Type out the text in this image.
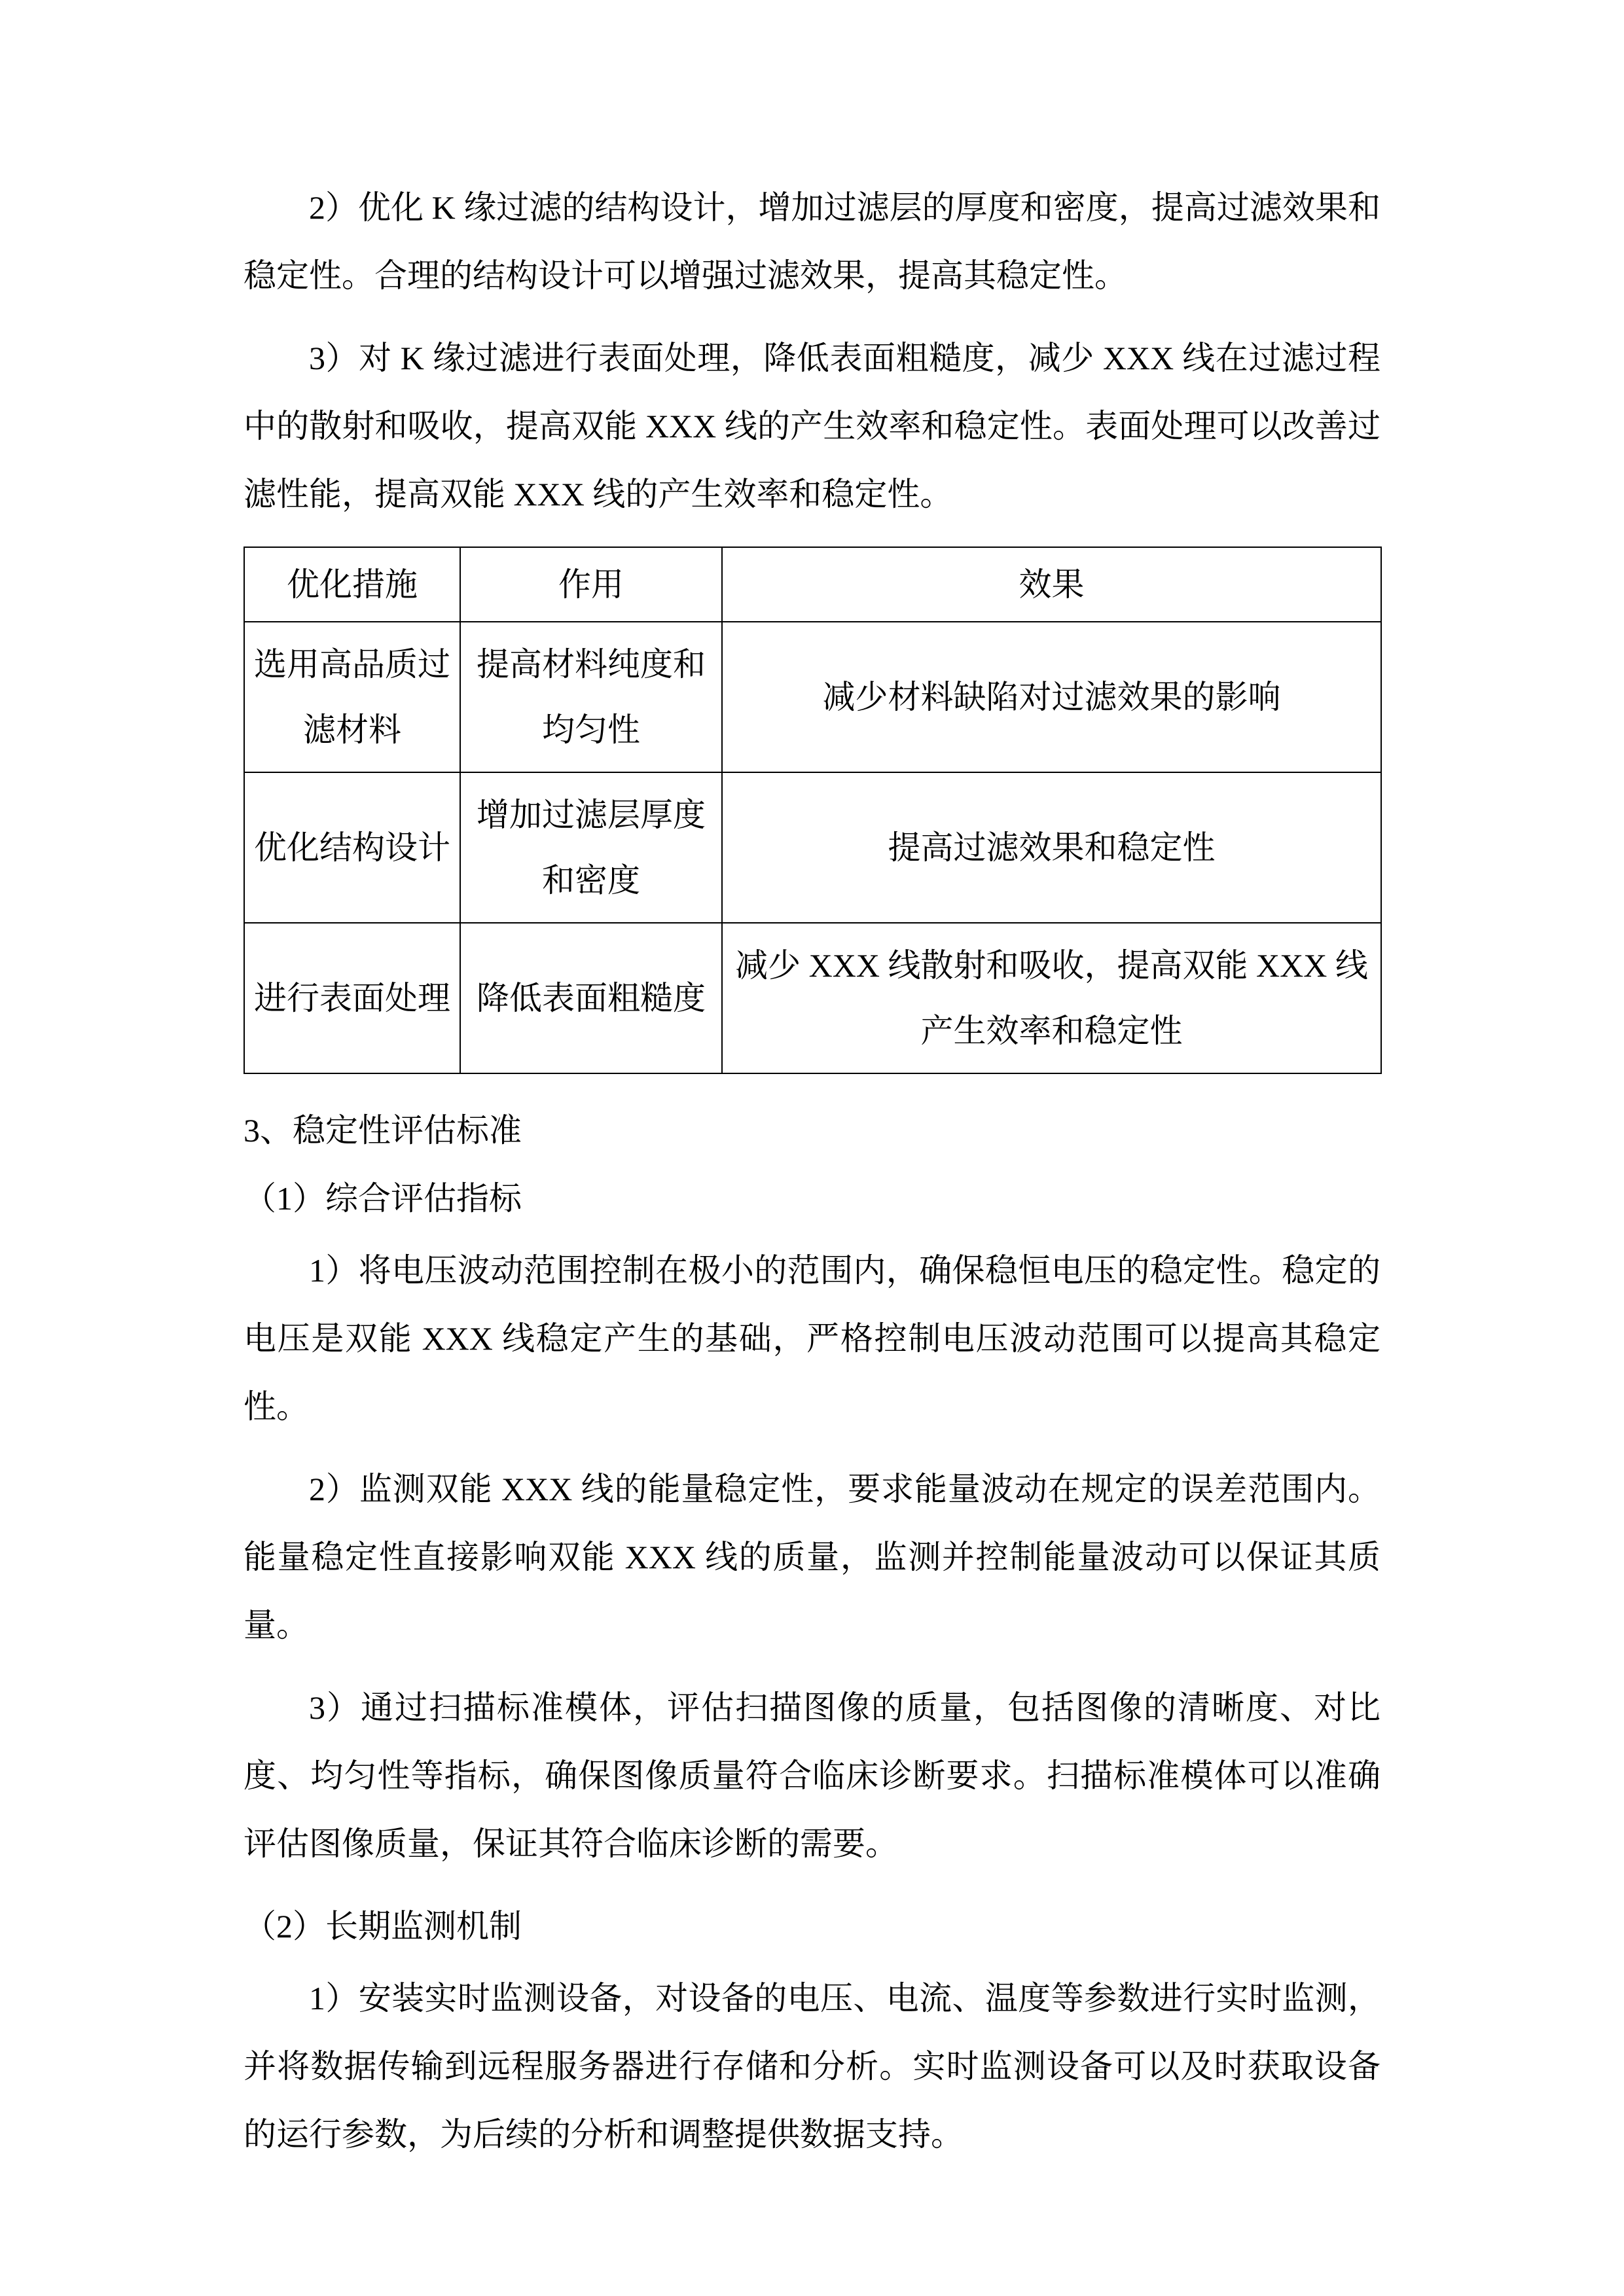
2）优化 K 缘过滤的结构设计，增加过滤层的厚度和密度，提高过滤效果和稳定性。合理的结构设计可以增强过滤效果，提高其稳定性。

3）对 K 缘过滤进行表面处理，降低表面粗糙度，减少 XXX 线在过滤过程中的散射和吸收，提高双能 XXX 线的产生效率和稳定性。表面处理可以改善过滤性能，提高双能 XXX 线的产生效率和稳定性。

优化措施	作用	效果
选用高品质过滤材料	提高材料纯度和均匀性	减少材料缺陷对过滤效果的影响
优化结构设计	增加过滤层厚度和密度	提高过滤效果和稳定性
进行表面处理	降低表面粗糙度	减少 XXX 线散射和吸收，提高双能 XXX 线产生效率和稳定性

3、稳定性评估标准

（1）综合评估指标

1）将电压波动范围控制在极小的范围内，确保稳恒电压的稳定性。稳定的电压是双能 XXX 线稳定产生的基础，严格控制电压波动范围可以提高其稳定性。

2）监测双能 XXX 线的能量稳定性，要求能量波动在规定的误差范围内。能量稳定性直接影响双能 XXX 线的质量，监测并控制能量波动可以保证其质量。

3）通过扫描标准模体，评估扫描图像的质量，包括图像的清晰度、对比度、均匀性等指标，确保图像质量符合临床诊断要求。扫描标准模体可以准确评估图像质量，保证其符合临床诊断的需要。

（2）长期监测机制

1）安装实时监测设备，对设备的电压、电流、温度等参数进行实时监测，并将数据传输到远程服务器进行存储和分析。实时监测设备可以及时获取设备的运行参数，为后续的分析和调整提供数据支持。
